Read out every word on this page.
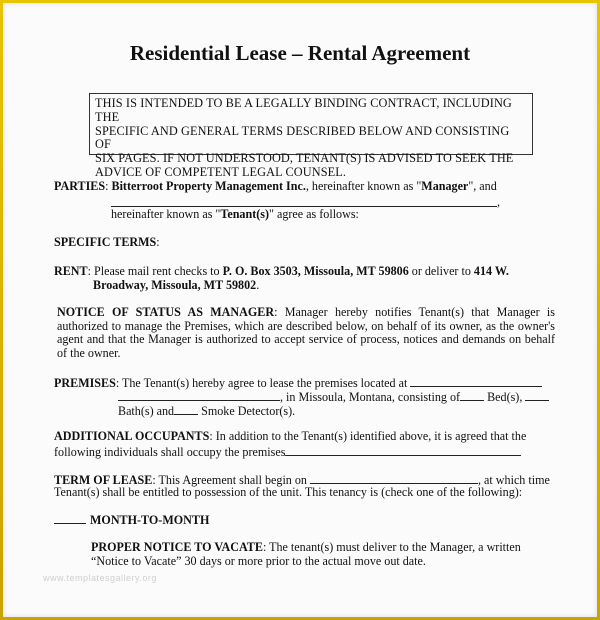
Residential Lease – Rental Agreement
THIS IS INTENDED TO BE A LEGALLY BINDING CONTRACT, INCLUDING THE
SPECIFIC AND GENERAL TERMS DESCRIBED BELOW AND CONSISTING OF
SIX PAGES. IF NOT UNDERSTOOD, TENANT(S) IS ADVISED TO SEEK THE
ADVICE OF COMPETENT LEGAL COUNSEL.
PARTIES: Bitterroot Property Management Inc., hereinafter known as "Manager", and
,
hereinafter known as "Tenant(s)" agree as follows:
SPECIFIC TERMS:
RENT: Please mail rent checks to P. O. Box 3503, Missoula, MT 59806 or deliver to 414 W.
Broadway, Missoula, MT 59802.
NOTICE OF STATUS AS MANAGER: Manager hereby notifies Tenant(s) that Manager is authorized to manage the Premises, which are described below, on behalf of its owner, as the owner's agent and that the Manager is authorized to accept service of process, notices and demands on behalf of the owner.
PREMISES: The Tenant(s) hereby agree to lease the premises located at
, in Missoula, Montana, consisting of Bed(s),
Bath(s) and Smoke Detector(s).
ADDITIONAL OCCUPANTS: In addition to the Tenant(s) identified above, it is agreed that the
following individuals shall occupy the premises
TERM OF LEASE: This Agreement shall begin on	, at which time
Tenant(s) shall be entitled to possession of the unit. This tenancy is (check one of the following):
MONTH-TO-MONTH
PROPER NOTICE TO VACATE: The tenant(s) must deliver to the Manager, a written
“Notice to Vacate” 30 days or more prior to the actual move out date.
www.templatesgallery.org
